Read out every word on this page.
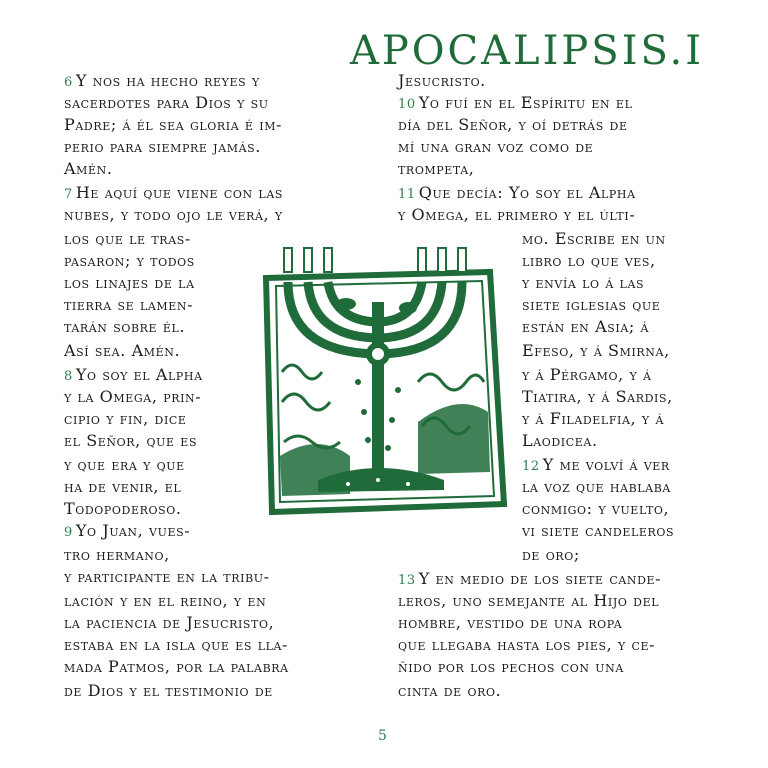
APOCALIPSIS.I
6 Y nos ha hecho reyes y
sacerdotes para Dios y su
Padre; á él sea gloria é im-
perio para siempre jamás.
Amén.
7 He aquí que viene con las
nubes, y todo ojo le verá, y
los que le tras-
pasaron; y todos
los linajes de la
tierra se lamen-
tarán sobre él.
Así sea. Amén.
8 Yo soy el Alpha
y la Omega, prin-
cipio y fin, dice
el Señor, que es
y que era y que
ha de venir, el
Todopoderoso.
9 Yo Juan, vues-
tro hermano,
y participante en la tribu-
lación y en el reino, y en
la paciencia de Jesucristo,
estaba en la isla que es lla-
mada Patmos, por la palabra
de Dios y el testimonio de
Jesucristo.
10 Yo fuí en el Espíritu en el
día del Señor, y oí detrás de
mí una gran voz como de
trompeta,
11 Que decía: Yo soy el Alpha
y Omega, el primero y el últi-
mo. Escribe en un
libro lo que ves,
y envía lo á las
siete iglesias que
están en Asia; á
Efeso, y á Smirna,
y á Pérgamo, y á
Tiatira, y á Sardis,
y á Filadelfia, y á
Laodicea.
12 Y me volví á ver
la voz que hablaba
conmigo: y vuelto,
vi siete candeleros
de oro;
13 Y en medio de los siete cande-
leros, uno semejante al Hijo del
hombre, vestido de una ropa
que llegaba hasta los pies, y ce-
ñido por los pechos con una
cinta de oro.
5
